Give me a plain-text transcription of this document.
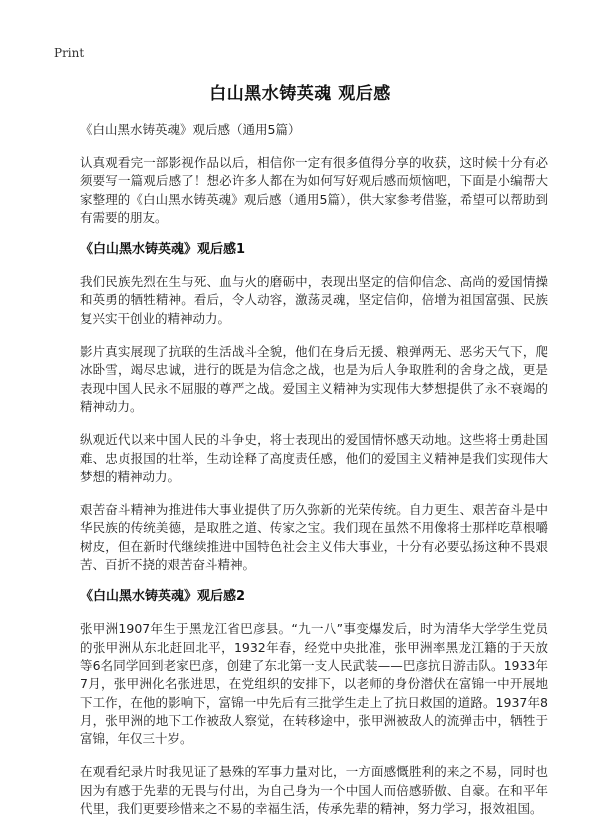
Print
白山黑水铸英魂 观后感
《白山黑水铸英魂》观后感（通用5篇）

认真观看完一部影视作品以后，相信你一定有很多值得分享的收获，这时候十分有必须要写一篇观后感了！想必许多人都在为如何写好观后感而烦恼吧，下面是小编帮大家整理的《白山黑水铸英魂》观后感（通用5篇），供大家参考借鉴，希望可以帮助到有需要的朋友。

《白山黑水铸英魂》观后感1

我们民族先烈在生与死、血与火的磨砺中，表现出坚定的信仰信念、高尚的爱国情操和英勇的牺牲精神。看后，令人动容，激荡灵魂，坚定信仰，倍增为祖国富强、民族复兴实干创业的精神动力。

影片真实展现了抗联的生活战斗全貌，他们在身后无援、粮弹两无、恶劣天气下，爬冰卧雪，竭尽忠诚，进行的既是为信念之战，也是为后人争取胜利的舍身之战，更是表现中国人民永不屈服的尊严之战。爱国主义精神为实现伟大梦想提供了永不衰竭的精神动力。

纵观近代以来中国人民的斗争史，将士表现出的爱国情怀感天动地。这些将士勇赴国难、忠贞报国的壮举，生动诠释了高度责任感，他们的爱国主义精神是我们实现伟大梦想的精神动力。

艰苦奋斗精神为推进伟大事业提供了历久弥新的光荣传统。自力更生、艰苦奋斗是中华民族的传统美德，是取胜之道、传家之宝。我们现在虽然不用像将士那样吃草根嚼树皮，但在新时代继续推进中国特色社会主义伟大事业，十分有必要弘扬这种不畏艰苦、百折不挠的艰苦奋斗精神。

《白山黑水铸英魂》观后感2

张甲洲1907年生于黑龙江省巴彦县。“九一八”事变爆发后，时为清华大学学生党员的张甲洲从东北赶回北平，1932年春，经党中央批准，张甲洲率黑龙江籍的于天放等6名同学回到老家巴彦，创建了东北第一支人民武装——巴彦抗日游击队。1933年7月，张甲洲化名张进思，在党组织的安排下，以老师的身份潜伏在富锦一中开展地下工作，在他的影响下，富锦一中先后有三批学生走上了抗日救国的道路。1937年8月，张甲洲的地下工作被敌人察觉，在转移途中，张甲洲被敌人的流弹击中，牺牲于富锦，年仅三十岁。

在观看纪录片时我见证了悬殊的军事力量对比，一方面感慨胜利的来之不易，同时也因为有感于先辈的无畏与付出，为自己身为一个中国人而倍感骄傲、自豪。在和平年代里，我们更要珍惜来之不易的幸福生活，传承先辈的精神，努力学习，报效祖国。
